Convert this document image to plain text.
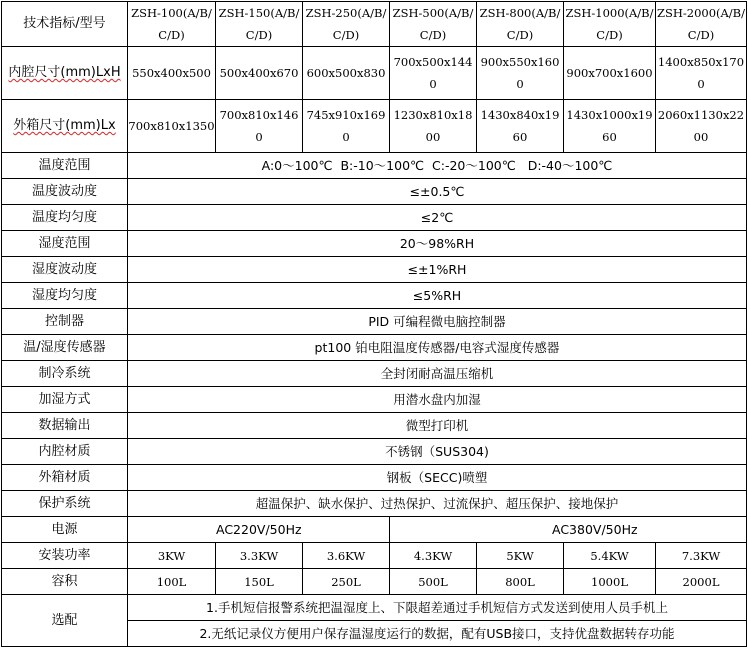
技术指标/型号	ZSH-100(A/B/C/D)	ZSH-150(A/B/C/D)	ZSH-250(A/B/C/D)	ZSH-500(A/B/C/D)	ZSH-800(A/B/C/D)	ZSH-1000(A/B/C/D)	ZSH-2000(A/B/C/D)
内腔尺寸(mm)LxH	550x400x500	500x400x670	600x500x830	700x500x1440	900x550x1600	900x700x1600	1400x850x1700
外箱尺寸(mm)Lx	700x810x1350	700x810x1460	745x910x1690	1230x810x1800	1430x840x1960	1430x1000x1960	2060x1130x2200
温度范围	A:0～100℃  B:-10～100℃  C:-20～100℃   D:-40～100℃						
温度波动度	≤±0.5℃						
温度均匀度	≤2℃						
湿度范围	20～98%RH						
湿度波动度	≤±1%RH						
湿度均匀度	≤5%RH						
控制器	PID 可编程微电脑控制器						
温/湿度传感器	pt100 铂电阻温度传感器/电容式湿度传感器						
制冷系统	全封闭耐高温压缩机						
加湿方式	用潜水盘内加湿						
数据输出	微型打印机						
内腔材质	不锈钢（SUS304)						
外箱材质	钢板（SECC)喷塑						
保护系统	超温保护、缺水保护、过热保护、过流保护、超压保护、接地保护						
电源	AC220V/50Hz			AC380V/50Hz			
安装功率	3KW	3.3KW	3.6KW	4.3KW	5KW	5.4KW	7.3KW
容积	100L	150L	250L	500L	800L	1000L	2000L
选配	1.手机短信报警系统把温湿度上、下限超差通过手机短信方式发送到使用人员手机上						
	2.无纸记录仪方便用户保存温湿度运行的数据，配有USB接口，支持优盘数据转存功能						
